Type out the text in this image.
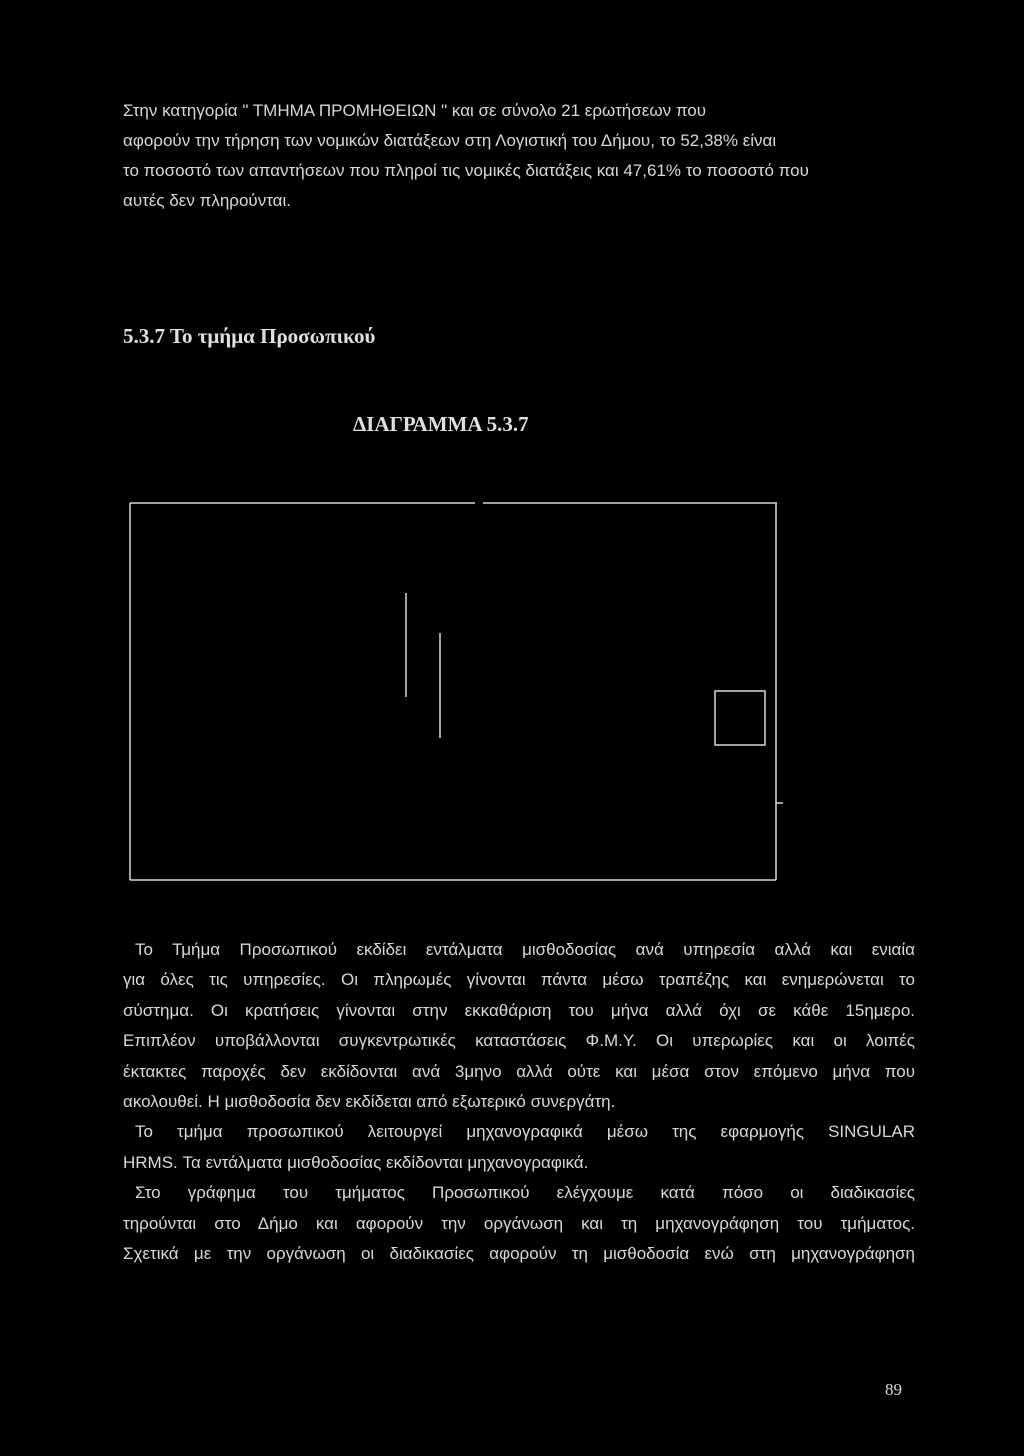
Στην κατηγορία " ΤΜΗΜΑ ΠΡΟΜΗΘΕΙΩΝ " και σε σύνολο 21 ερωτήσεων που
αφορούν την τήρηση των νομικών διατάξεων στη Λογιστική του Δήμου, το 52,38% είναι
το ποσοστό των απαντήσεων που πληροί τις νομικές διατάξεις και 47,61% το ποσοστό που
αυτές δεν πληρούνται.
5.3.7 Το τμήμα Προσωπικού
ΔΙΑΓΡΑΜΜΑ 5.3.7
Το Τμήμα Προσωπικού εκδίδει εντάλματα μισθοδοσίας ανά υπηρεσία αλλά και ενιαία
για όλες τις υπηρεσίες. Οι πληρωμές γίνονται πάντα μέσω τραπέζης και ενημερώνεται το
σύστημα. Οι κρατήσεις γίνονται στην εκκαθάριση του μήνα αλλά όχι σε κάθε 15ημερο.
Επιπλέον υποβάλλονται συγκεντρωτικές καταστάσεις Φ.Μ.Υ. Οι υπερωρίες και οι λοιπές
έκτακτες παροχές δεν εκδίδονται ανά 3μηνο αλλά ούτε και μέσα στον επόμενο μήνα που
ακολουθεί. Η μισθοδοσία δεν εκδίδεται από εξωτερικό συνεργάτη.
Το τμήμα προσωπικού λειτουργεί μηχανογραφικά μέσω της εφαρμογής SINGULAR
HRMS. Τα εντάλματα μισθοδοσίας εκδίδονται μηχανογραφικά.
Στο γράφημα του τμήματος Προσωπικού ελέγχουμε κατά πόσο οι διαδικασίες
τηρούνται στο Δήμο και αφορούν την οργάνωση και τη μηχανογράφηση του τμήματος.
Σχετικά με την οργάνωση οι διαδικασίες αφορούν τη μισθοδοσία ενώ στη μηχανογράφηση

89
